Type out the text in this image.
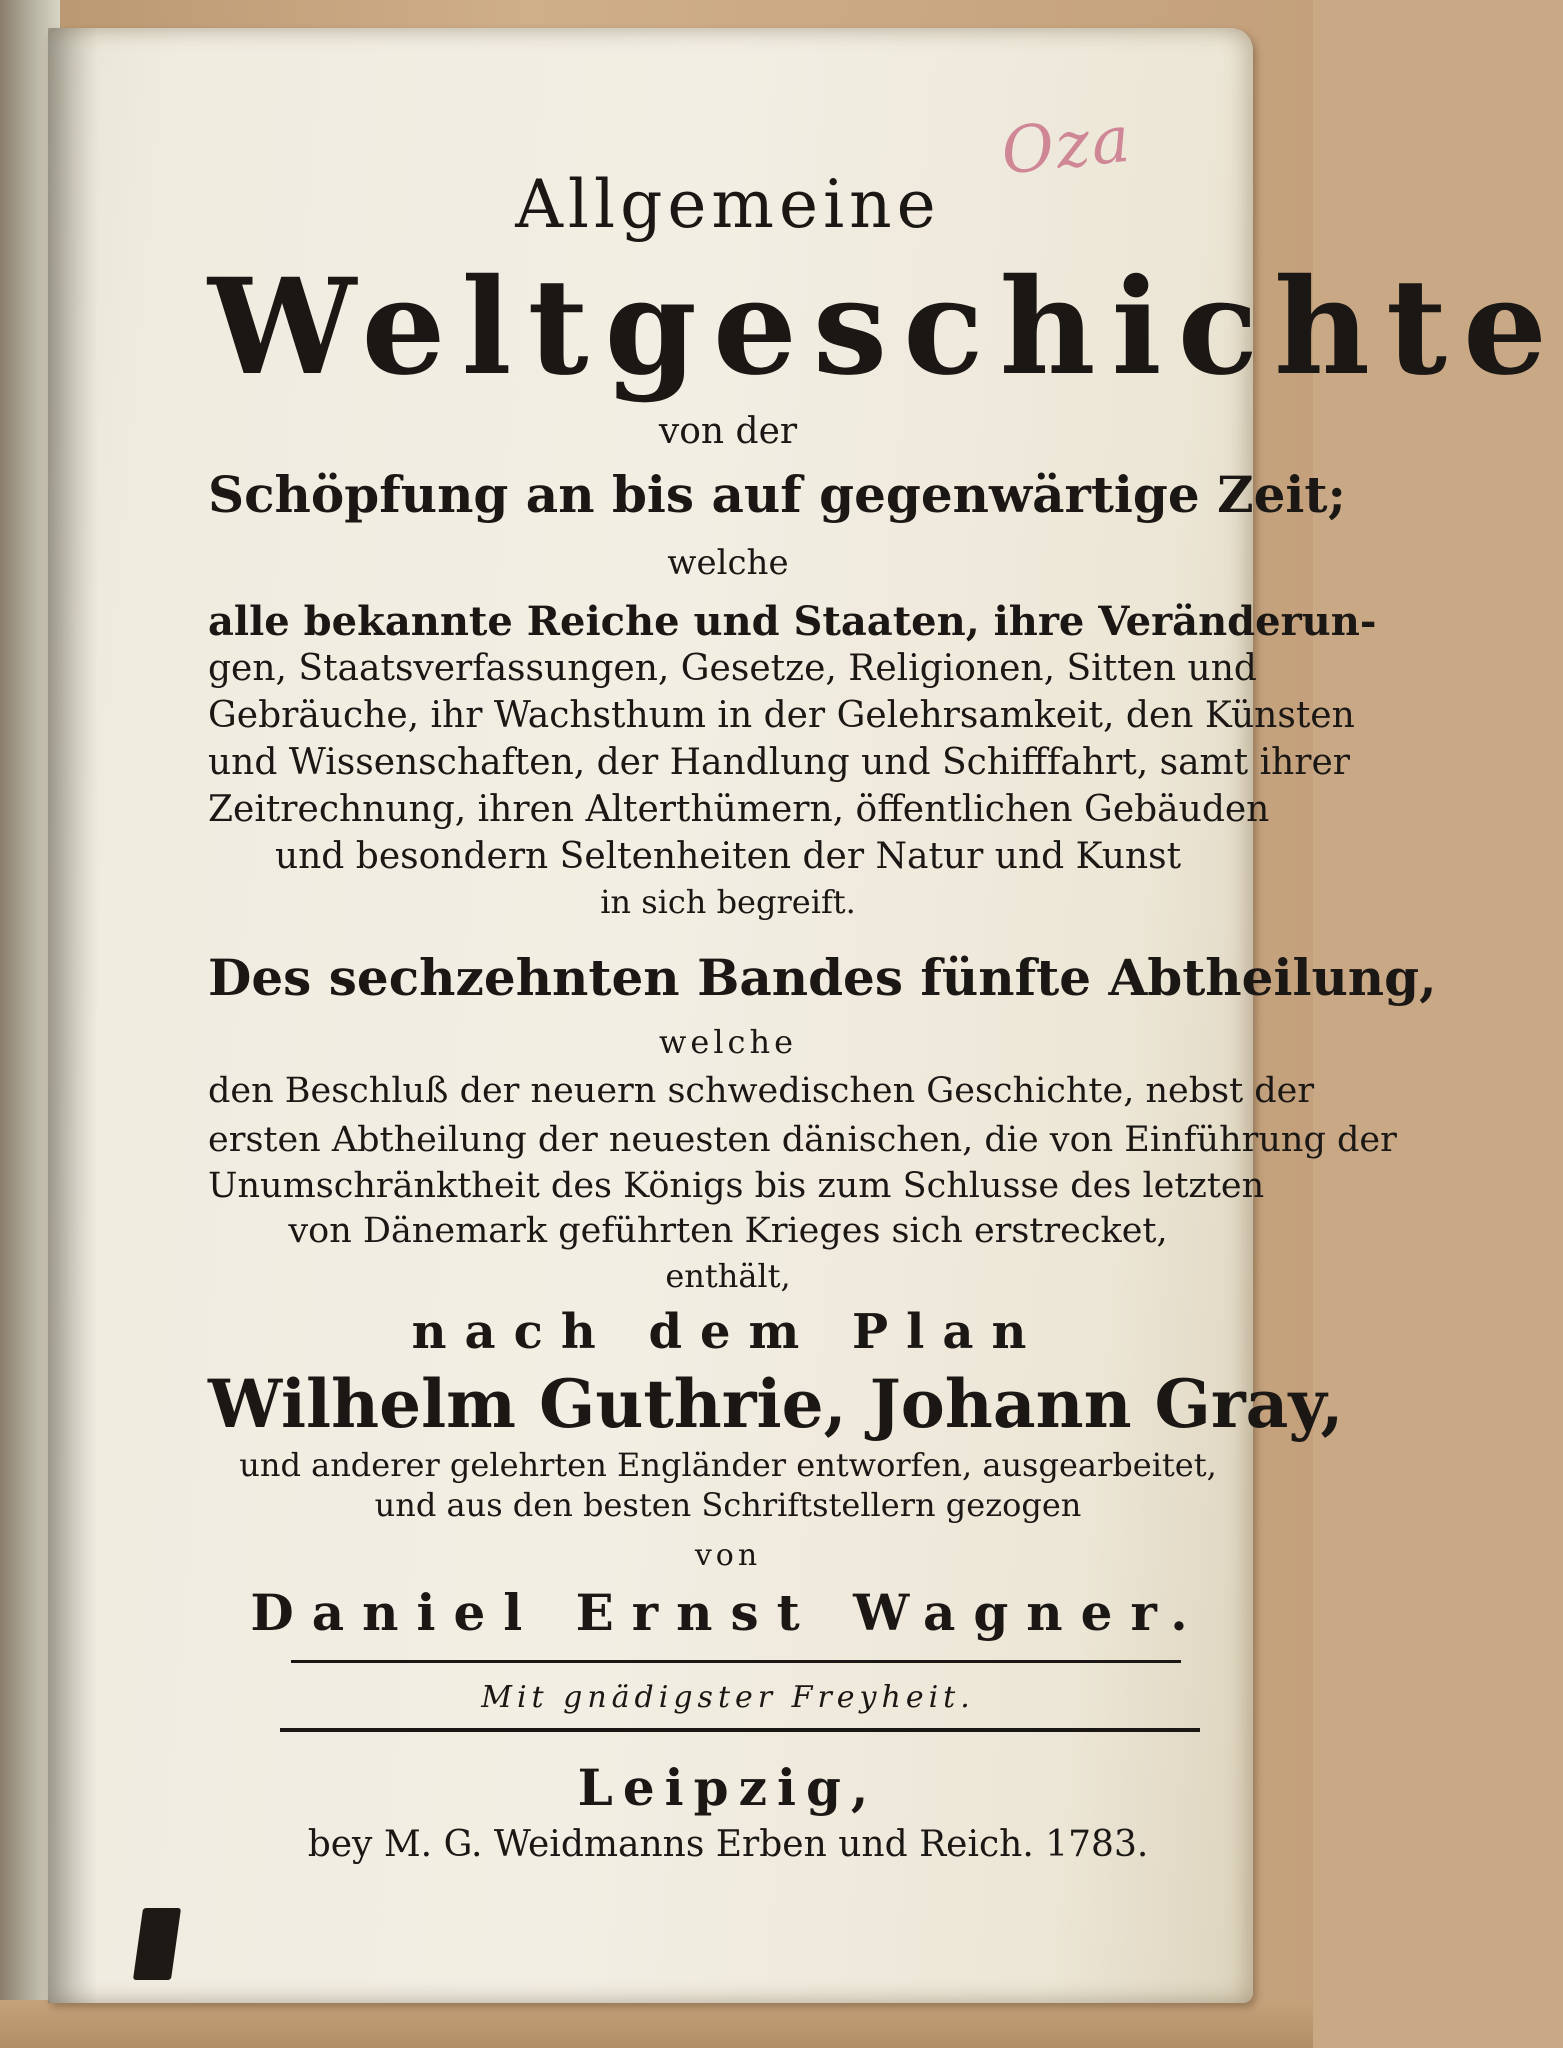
Oza
Allgemeine
Weltgeschichte
von der
Schöpfung an bis auf gegenwärtige Zeit;
welche
alle bekannte Reiche und Staaten, ihre Veränderun-
gen, Staatsverfassungen, Gesetze, Religionen, Sitten und
Gebräuche, ihr Wachsthum in der Gelehrsamkeit, den Künsten
und Wissenschaften, der Handlung und Schifffahrt, samt ihrer
Zeitrechnung, ihren Alterthümern, öffentlichen Gebäuden
und besondern Seltenheiten der Natur und Kunst
in sich begreift.
Des sechzehnten Bandes fünfte Abtheilung,
welche
den Beschluß der neuern schwedischen Geschichte, nebst der
ersten Abtheilung der neuesten dänischen, die von Einführung der
Unumschränktheit des Königs bis zum Schlusse des letzten
von Dänemark geführten Krieges sich erstrecket,
enthält,
nach dem Plan
Wilhelm Guthrie, Johann Gray,
und anderer gelehrten Engländer entworfen, ausgearbeitet,
und aus den besten Schriftstellern gezogen
von
Daniel Ernst Wagner.
Mit gnädigster Freyheit.
Leipzig,
bey M. G. Weidmanns Erben und Reich. 1783.
